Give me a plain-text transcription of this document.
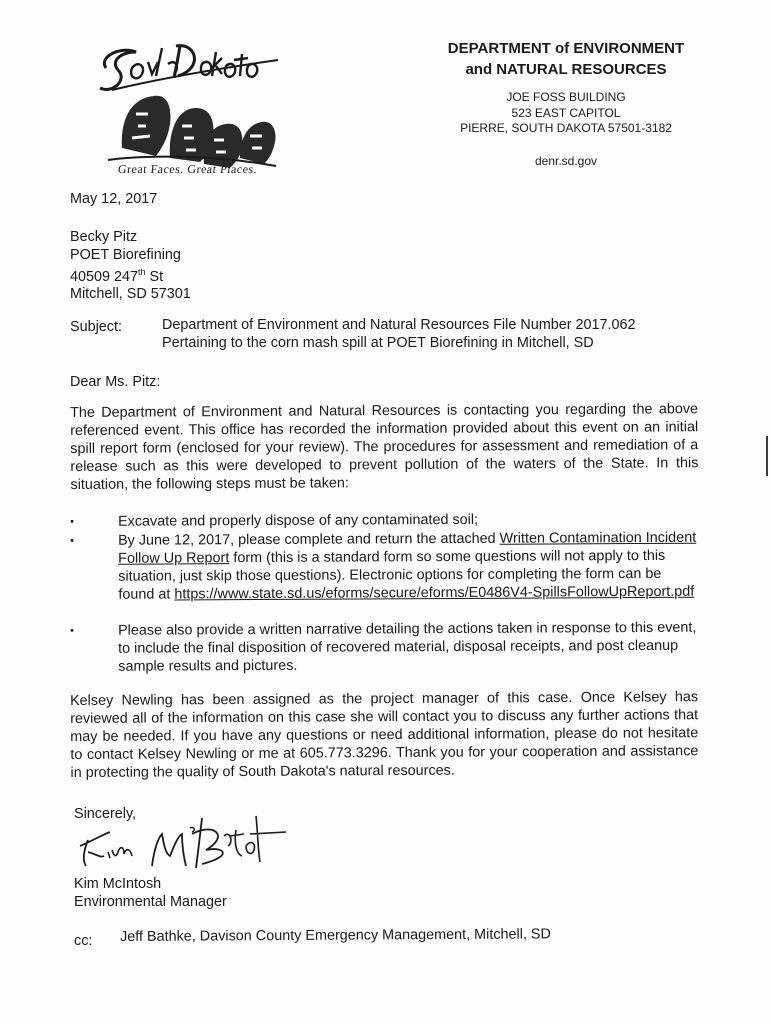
Great Faces. Great Places.
DEPARTMENT of ENVIRONMENT
and NATURAL RESOURCES
JOE FOSS BUILDING
523 EAST CAPITOL
PIERRE, SOUTH DAKOTA 57501-3182
denr.sd.gov
May 12, 2017
Becky Pitz
POET Biorefining
40509 247th St
Mitchell, SD 57301
Subject:	Department of Environment and Natural Resources File Number 2017.062
Pertaining to the corn mash spill at POET Biorefining in Mitchell, SD
Dear Ms. Pitz:
The Department of Environment and Natural Resources is contacting you regarding the above referenced event. This office has recorded the information provided about this event on an initial spill report form (enclosed for your review). The procedures for assessment and remediation of a release such as this were developed to prevent pollution of the waters of the State. In this situation, the following steps must be taken:
•	Excavate and properly dispose of any contaminated soil;
•	By June 12, 2017, please complete and return the attached Written Contamination Incident Follow Up Report form (this is a standard form so some questions will not apply to this situation, just skip those questions). Electronic options for completing the form can be found at https://www.state.sd.us/eforms/secure/eforms/E0486V4-SpillsFollowUpReport.pdf
•	Please also provide a written narrative detailing the actions taken in response to this event, to include the final disposition of recovered material, disposal receipts, and post cleanup sample results and pictures.
Kelsey Newling has been assigned as the project manager of this case. Once Kelsey has reviewed all of the information on this case she will contact you to discuss any further actions that may be needed. If you have any questions or need additional information, please do not hesitate to contact Kelsey Newling or me at 605.773.3296. Thank you for your cooperation and assistance in protecting the quality of South Dakota's natural resources.
Sincerely,
Kim McIntosh
Environmental Manager
cc: Jeff Bathke, Davison County Emergency Management, Mitchell, SD
